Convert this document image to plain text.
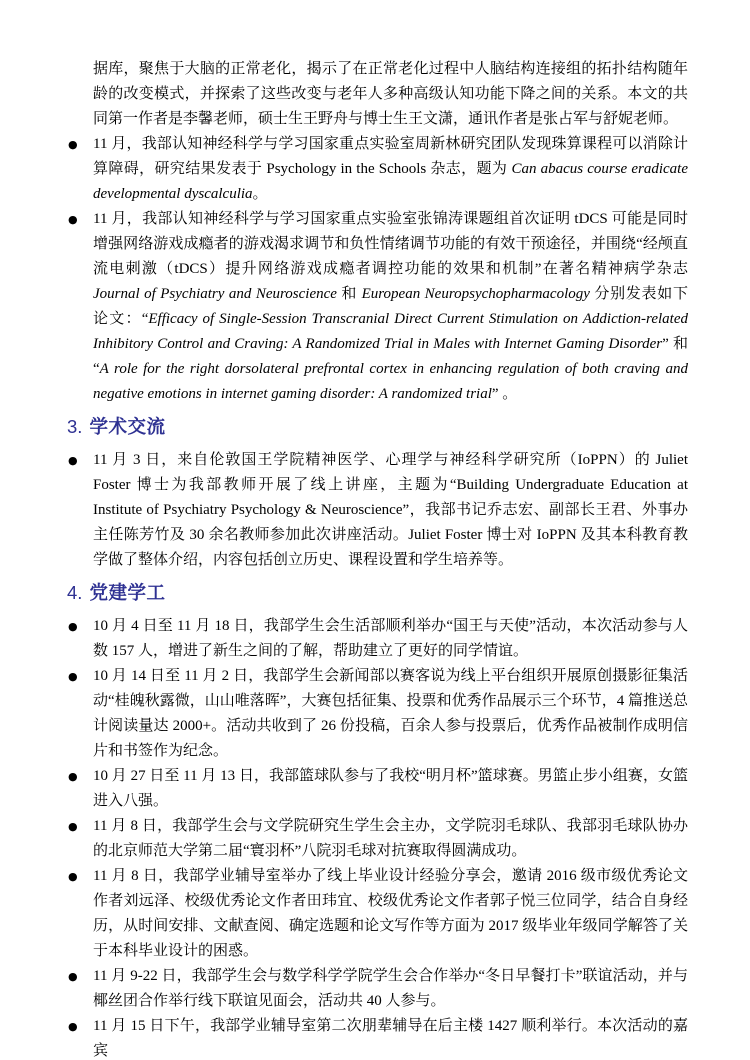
据库，聚焦于大脑的正常老化，揭示了在正常老化过程中人脑结构连接组的拓扑结构随年龄的改变模式，并探索了这些改变与老年人多种高级认知功能下降之间的关系。本文的共同第一作者是李馨老师，硕士生王野舟与博士生王文潇，通讯作者是张占军与舒妮老师。
● 11 月，我部认知神经科学与学习国家重点实验室周新林研究团队发现珠算课程可以消除计算障碍，研究结果发表于 Psychology in the Schools 杂志，题为 Can abacus course eradicate developmental dyscalculia。
● 11 月，我部认知神经科学与学习国家重点实验室张锦涛课题组首次证明 tDCS 可能是同时增强网络游戏成瘾者的游戏渴求调节和负性情绪调节功能的有效干预途径，并围绕“经颅直流电刺激（tDCS）提升网络游戏成瘾者调控功能的效果和机制”在著名精神病学杂志 Journal of Psychiatry and Neuroscience 和 European Neuropsychopharmacology 分别发表如下论文：“Efficacy of Single-Session Transcranial Direct Current Stimulation on Addiction-related Inhibitory Control and Craving: A Randomized Trial in Males with Internet Gaming Disorder” 和 “A role for the right dorsolateral prefrontal cortex in enhancing regulation of both craving and negative emotions in internet gaming disorder: A randomized trial” 。
3. 学术交流
● 11 月 3 日，来自伦敦国王学院精神医学、心理学与神经科学研究所（IoPPN）的 Juliet Foster 博士为我部教师开展了线上讲座，主题为“Building Undergraduate Education at Institute of Psychiatry Psychology & Neuroscience”，我部书记乔志宏、副部长王君、外事办主任陈芳竹及 30 余名教师参加此次讲座活动。Juliet Foster 博士对 IoPPN 及其本科教育教学做了整体介绍，内容包括创立历史、课程设置和学生培养等。
4. 党建学工
● 10 月 4 日至 11 月 18 日，我部学生会生活部顺利举办“国王与天使”活动，本次活动参与人数 157 人，增进了新生之间的了解，帮助建立了更好的同学情谊。
● 10 月 14 日至 11 月 2 日，我部学生会新闻部以赛客说为线上平台组织开展原创摄影征集活动“桂魄秋露微，山山唯落晖”，大赛包括征集、投票和优秀作品展示三个环节，4 篇推送总计阅读量达 2000+。活动共收到了 26 份投稿，百余人参与投票后，优秀作品被制作成明信片和书签作为纪念。
● 10 月 27 日至 11 月 13 日，我部篮球队参与了我校“明月杯”篮球赛。男篮止步小组赛，女篮进入八强。
● 11 月 8 日，我部学生会与文学院研究生学生会主办，文学院羽毛球队、我部羽毛球队协办的北京师范大学第二届“寰羽杯”八院羽毛球对抗赛取得圆满成功。
● 11 月 8 日，我部学业辅导室举办了线上毕业设计经验分享会，邀请 2016 级市级优秀论文作者刘远泽、校级优秀论文作者田玮宜、校级优秀论文作者郭子悦三位同学，结合自身经历，从时间安排、文献查阅、确定选题和论文写作等方面为 2017 级毕业年级同学解答了关于本科毕业设计的困惑。
● 11 月 9-22 日，我部学生会与数学科学学院学生会合作举办“冬日早餐打卡”联谊活动，并与椰丝团合作举行线下联谊见面会，活动共 40 人参与。
● 11 月 15 日下午，我部学业辅导室第二次朋辈辅导在后主楼 1427 顺利举行。本次活动的嘉宾
